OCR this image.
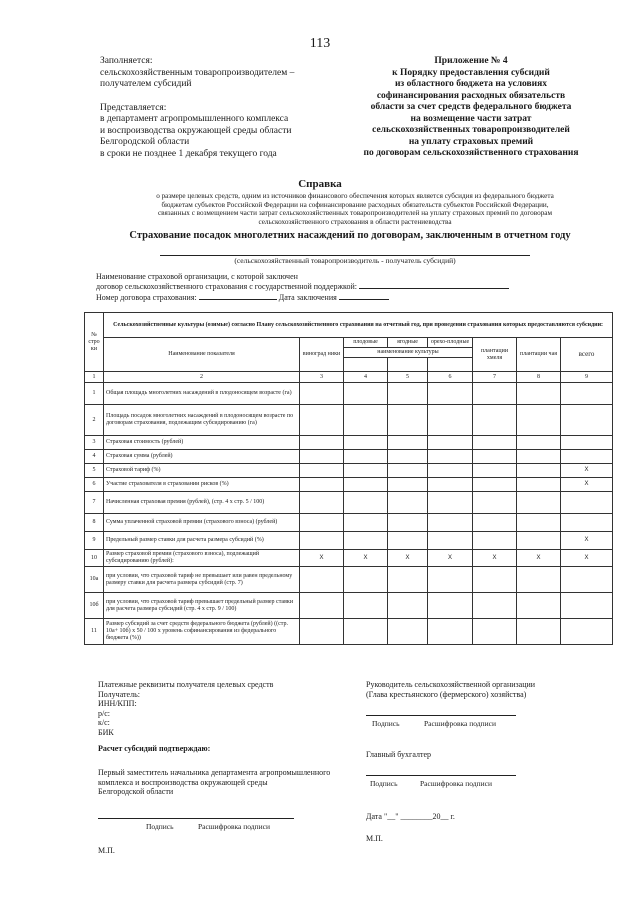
113
Заполняется:
сельскохозяйственным товаропроизводителем –
получателем субсидий
Представляется:
в департамент агропромышленного комплекса
и воспроизводства окружающей среды области
Белгородской области
в сроки не позднее 1 декабря текущего года
Приложение № 4
к Порядку предоставления субсидий
из областного бюджета на условиях
софинансирования расходных обязательств
области за счет средств федерального бюджета
на возмещение части затрат
сельскохозяйственных товаропроизводителей
на уплату страховых премий
по договорам сельскохозяйственного страхования
Справка
о размере целевых средств, одним из источников финансового обеспечения которых является субсидия из федерального бюджета
бюджетам субъектов Российской Федерации на софинансирование расходных обязательств субъектов Российской Федерации,
связанных с возмещением части затрат сельскохозяйственных товаропроизводителей на уплату страховых премий по договорам
сельскохозяйственного страхования в области растениеводства
Страхование посадок многолетних насаждений по договорам, заключенным в отчетном году
(сельскохозяйственный товаропроизводитель - получатель субсидий)
Наименование страховой организации, с которой заключен
договор сельскохозяйственного страхования с государственной поддержкой:
Номер договора страхования:	Дата заключения
№ стро ки	Сельскохозяйственные культуры (озимые) согласно Плану сельскохозяйственного страхования на отчетный год, при проведении страхования которых предоставляются субсидии:							
	Наименование показателя	виноград ники	плодовые	ягодные	орехо-плодные	плантации хмеля	плантации чая	всего
			наименование культуры					

1	2	3	4	5	6	7	8	9
1	Общая площадь многолетних насаждений в плодоносящем возрасте (га)							
2	Площадь посадок многолетних насаждений в плодоносящем возрасте по договорам страхования, подлежащим субсидированию (га)							
3	Страховая стоимость (рублей)							
4	Страховая сумма (рублей)							
5	Страховой тариф (%)							X
6	Участие страхователя в страховании рисков (%)							X
7	Начисленная страховая премия (рублей), (стр. 4 х стр. 5 / 100)							
8	Сумма уплаченной страховой премии (страхового взноса) (рублей)							
9	Предельный размер ставки для расчета размера субсидий (%)							X
10	Размер страховой премии (страхового взноса), подлежащий субсидированию (рублей):	X	X	X	X	X	X	X
10а	при условии, что страховой тариф не превышает или равен предельному размеру ставки для расчета размера субсидий (стр. 7)							
10б	при условии, что страховой тариф превышает предельный размер ставки для расчета размера субсидий (стр. 4 х стр. 9 / 100)							
11	Размер субсидий за счет средств федерального бюджета (рублей) ((стр. 10а+ 10б) х 50 / 100 х уровень софинансирования из федерального бюджета (%))							
Платежные реквизиты получателя целевых средств
Получатель:
ИНН/КПП:
р/с:
к/с:
БИК
Руководитель сельскохозяйственной организации
(Глава крестьянского (фермерского) хозяйства)
Подпись	Расшифровка подписи
Расчет субсидий подтверждаю:
Главный бухгалтер
Подпись	Расшифровка подписи
Первый заместитель начальника департамента агропромышленного
комплекса и воспроизводства окружающей среды
Белгородской области
Подпись	Расшифровка подписи
Дата "__" ________20__ г.
М.П.
М.П.
